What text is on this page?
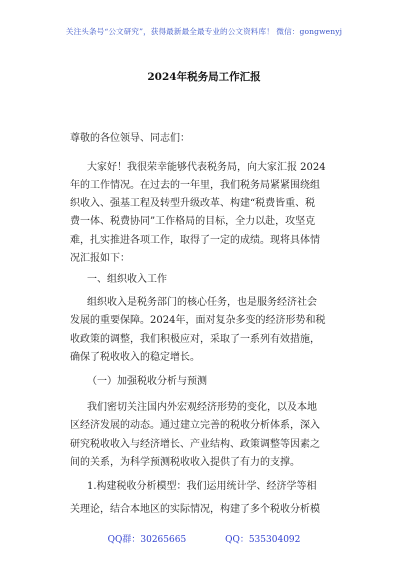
关注头条号“公文研究”，获得最新最全最专业的公文资料库！ 微信：gongwenyj
2024年税务局工作汇报
尊敬的各位领导、同志们：
大家好！我很荣幸能够代表税务局，向大家汇报 2024
年的工作情况。在过去的一年里，我们税务局紧紧围绕组
织收入、强基工程及转型升级改革、构建“税费皆重、税
费一体、税费协同”工作格局的目标，全力以赴，攻坚克
难，扎实推进各项工作，取得了一定的成绩。现将具体情
况汇报如下：
一、组织收入工作
组织收入是税务部门的核心任务，也是服务经济社会
发展的重要保障。2024年，面对复杂多变的经济形势和税
收政策的调整，我们积极应对，采取了一系列有效措施，
确保了税收收入的稳定增长。
（一）加强税收分析与预测
我们密切关注国内外宏观经济形势的变化，以及本地
区经济发展的动态。通过建立完善的税收分析体系，深入
研究税收收入与经济增长、产业结构、政策调整等因素之
间的关系，为科学预测税收收入提供了有力的支撑。
1.构建税收分析模型：我们运用统计学、经济学等相
关理论，结合本地区的实际情况，构建了多个税收分析模
QQ群：30265665	QQ：535304092
